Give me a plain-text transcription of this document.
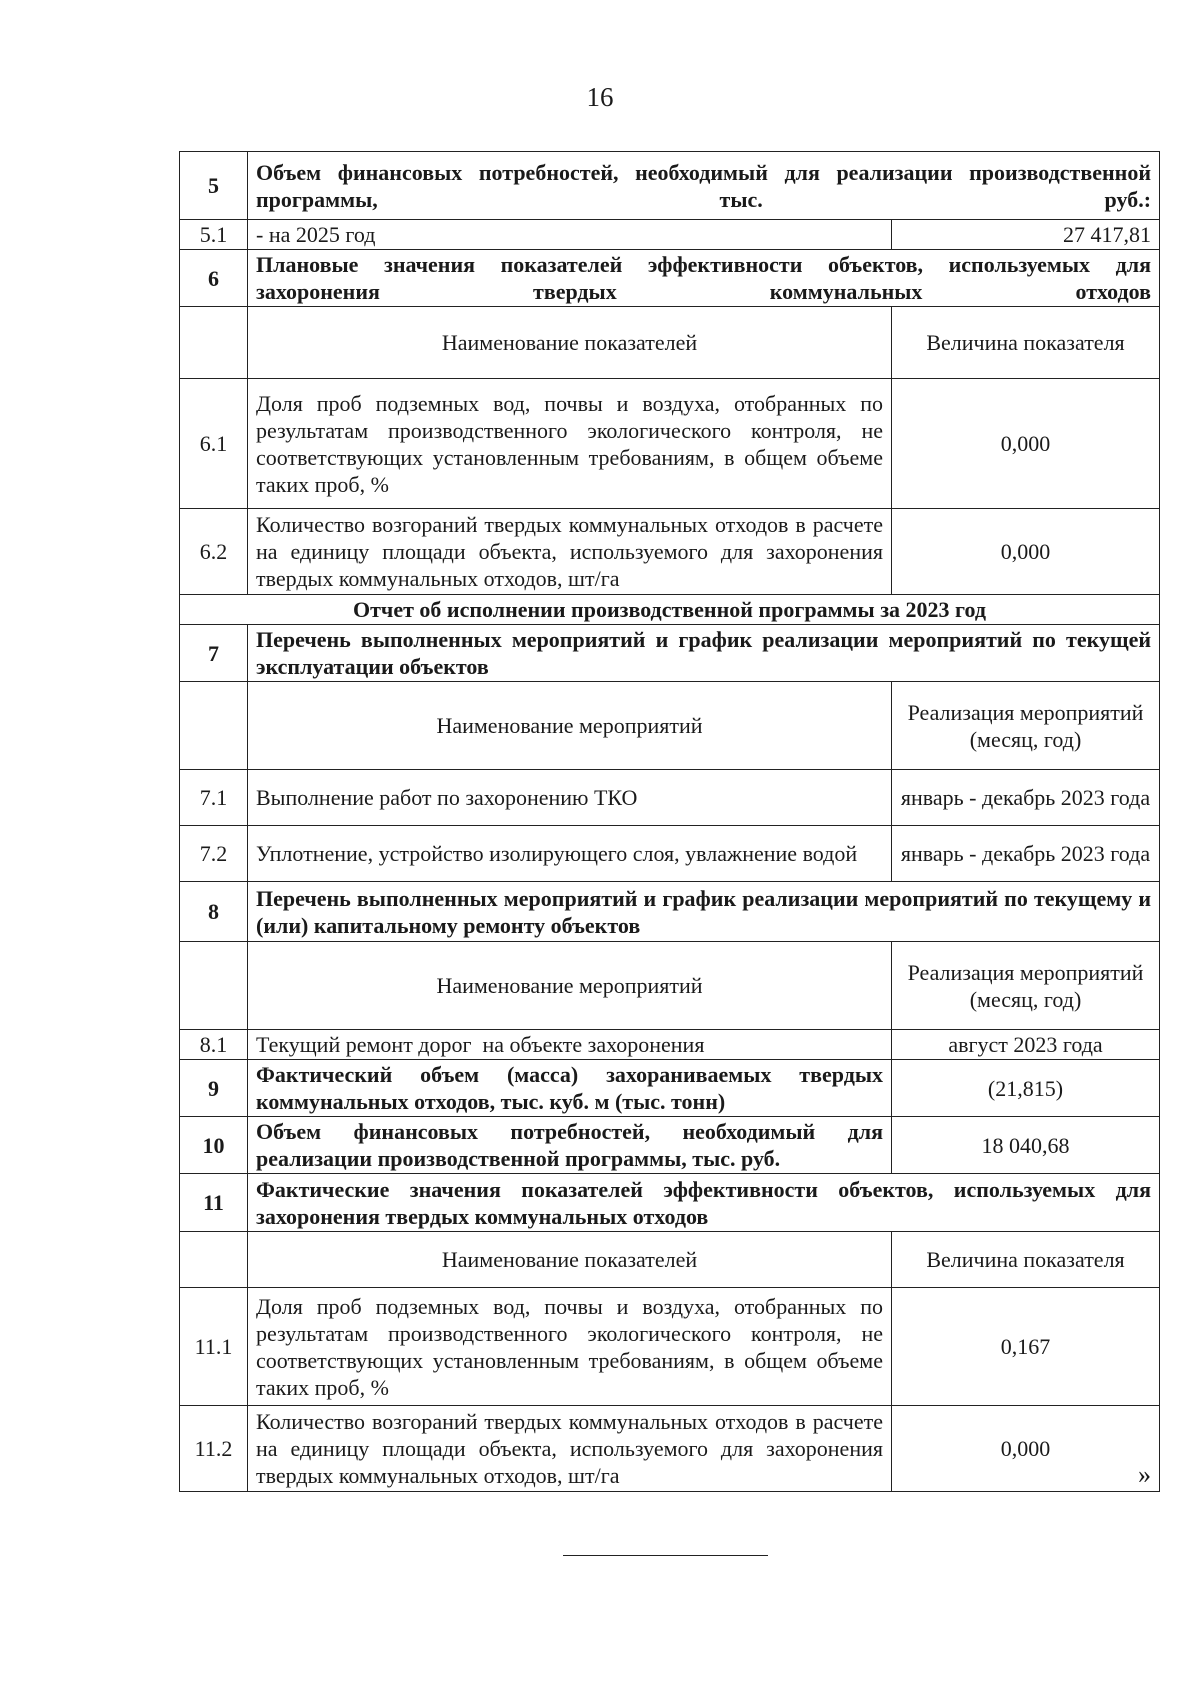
16
5	Объем финансовых потребностей, необходимый для реализации производственной программы, тыс. руб.:	
5.1	- на 2025 год	27 417,81
6	Плановые значения показателей эффективности объектов, используемых для захоронения твердых коммунальных отходов	
	Наименование показателей	Величина показателя
6.1	Доля проб подземных вод, почвы и воздуха, отобранных по результатам производственного экологического контроля, не соответствующих установленным требованиям, в общем объеме таких проб, %	0,000
6.2	Количество возгораний твердых коммунальных отходов в расчете на единицу площади объекта, используемого для захоронения твердых коммунальных отходов, шт/га	0,000
Отчет об исполнении производственной программы за 2023 год		
7	Перечень выполненных мероприятий и график реализации мероприятий по текущей эксплуатации объектов	
	Наименование мероприятий	Реализация мероприятий (месяц, год)
7.1	Выполнение работ по захоронению ТКО	январь - декабрь 2023 года
7.2	Уплотнение, устройство изолирующего слоя, увлажнение водой	январь - декабрь 2023 года
8	Перечень выполненных мероприятий и график реализации мероприятий по текущему и (или) капитальному ремонту объектов	
	Наименование мероприятий	Реализация мероприятий (месяц, год)
8.1	Текущий ремонт дорог  на объекте захоронения	август 2023 года
9	Фактический объем (масса) захораниваемых твердых коммунальных отходов, тыс. куб. м (тыс. тонн)	(21,815)
10	Объем финансовых потребностей, необходимый для реализации производственной программы, тыс. руб.	18 040,68
11	Фактические значения показателей эффективности объектов, используемых для захоронения твердых коммунальных отходов	
	Наименование показателей	Величина показателя
11.1	Доля проб подземных вод, почвы и воздуха, отобранных по результатам производственного экологического контроля, не соответствующих установленным требованиям, в общем объеме таких проб, %	0,167
11.2	Количество возгораний твердых коммунальных отходов в расчете на единицу площади объекта, используемого для захоронения твердых коммунальных отходов, шт/га	0,000
»
